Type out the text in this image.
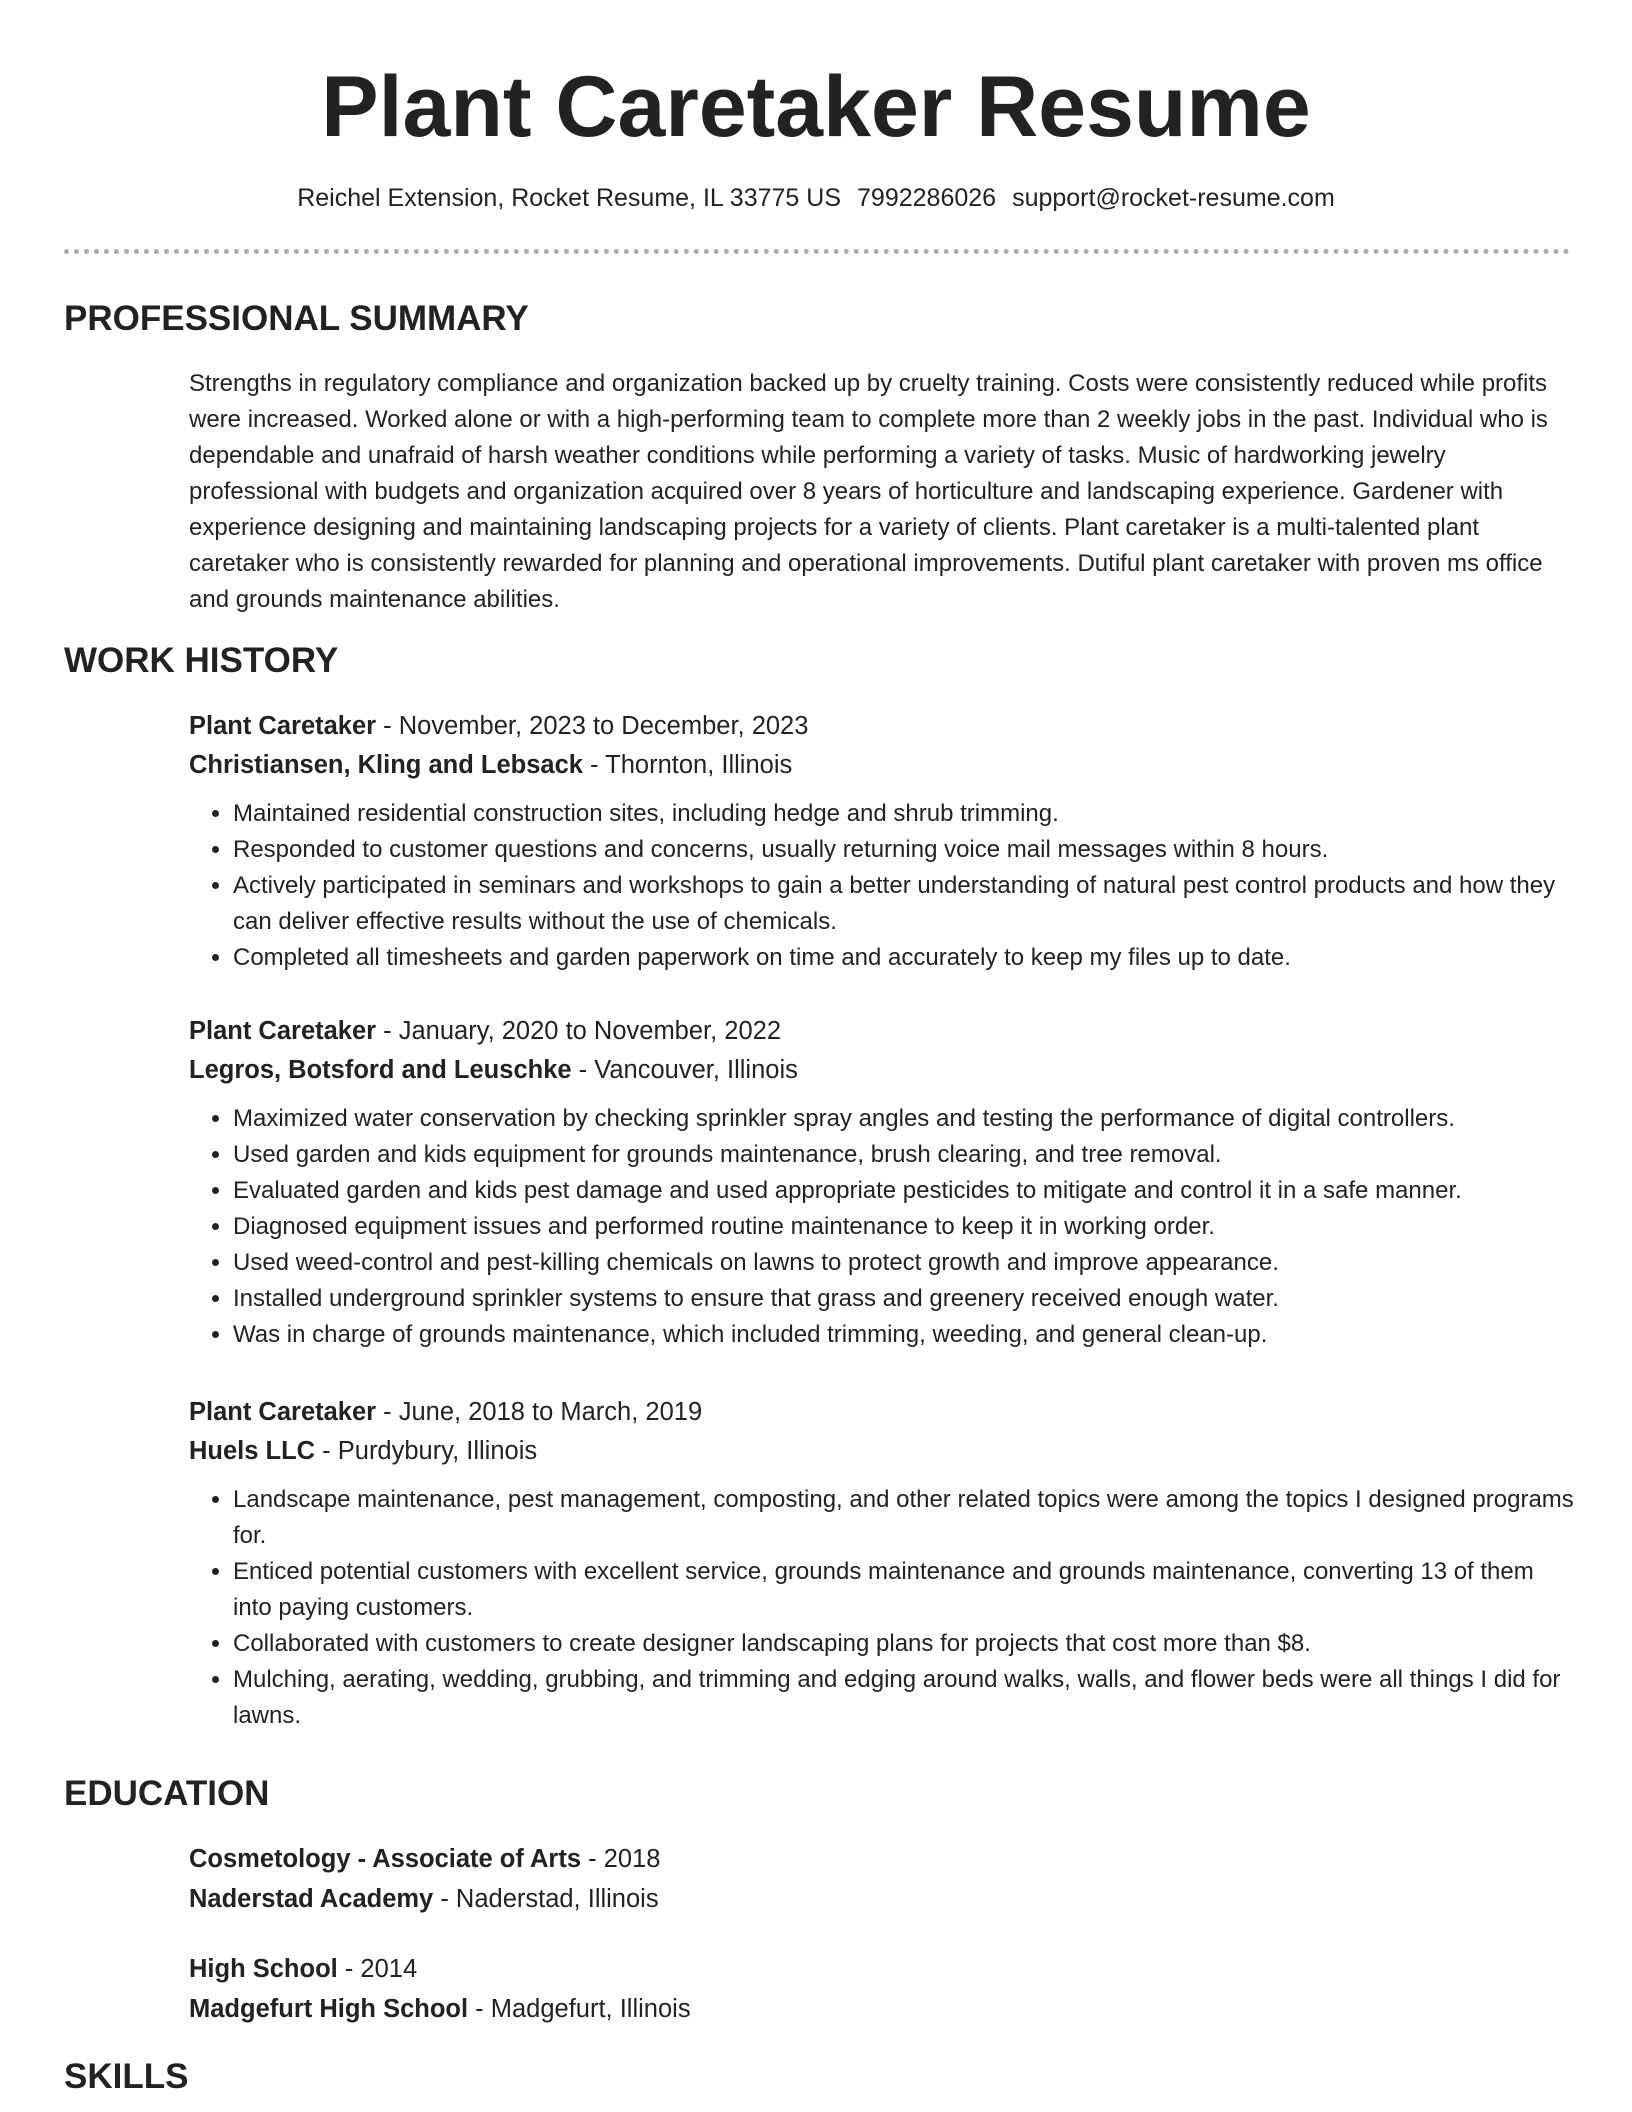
Plant Caretaker Resume
Reichel Extension, Rocket Resume, IL 33775 US 7992286026 support@rocket-resume.com
PROFESSIONAL SUMMARY

Strengths in regulatory compliance and organization backed up by cruelty training. Costs were consistently reduced while profits were increased. Worked alone or with a high-performing team to complete more than 2 weekly jobs in the past. Individual who is dependable and unafraid of harsh weather conditions while performing a variety of tasks. Music of hardworking jewelry professional with budgets and organization acquired over 8 years of horticulture and landscaping experience. Gardener with experience designing and maintaining landscaping projects for a variety of clients. Plant caretaker is a multi-talented plant caretaker who is consistently rewarded for planning and operational improvements. Dutiful plant caretaker with proven ms office and grounds maintenance abilities.

WORK HISTORY

Plant Caretaker - November, 2023 to December, 2023

Christiansen, Kling and Lebsack - Thornton, Illinois

• Maintained residential construction sites, including hedge and shrub trimming.
• Responded to customer questions and concerns, usually returning voice mail messages within 8 hours.
• Actively participated in seminars and workshops to gain a better understanding of natural pest control products and how they can deliver effective results without the use of chemicals.
• Completed all timesheets and garden paperwork on time and accurately to keep my files up to date.

Plant Caretaker - January, 2020 to November, 2022

Legros, Botsford and Leuschke - Vancouver, Illinois

• Maximized water conservation by checking sprinkler spray angles and testing the performance of digital controllers.
• Used garden and kids equipment for grounds maintenance, brush clearing, and tree removal.
• Evaluated garden and kids pest damage and used appropriate pesticides to mitigate and control it in a safe manner.
• Diagnosed equipment issues and performed routine maintenance to keep it in working order.
• Used weed-control and pest-killing chemicals on lawns to protect growth and improve appearance.
• Installed underground sprinkler systems to ensure that grass and greenery received enough water.
• Was in charge of grounds maintenance, which included trimming, weeding, and general clean-up.

Plant Caretaker - June, 2018 to March, 2019

Huels LLC - Purdybury, Illinois

• Landscape maintenance, pest management, composting, and other related topics were among the topics I designed programs for.
• Enticed potential customers with excellent service, grounds maintenance and grounds maintenance, converting 13 of them into paying customers.
• Collaborated with customers to create designer landscaping plans for projects that cost more than $8.
• Mulching, aerating, wedding, grubbing, and trimming and edging around walks, walls, and flower beds were all things I did for lawns.
EDUCATION

Cosmetology - Associate of Arts - 2018

Naderstad Academy - Naderstad, Illinois

High School - 2014

Madgefurt High School - Madgefurt, Illinois

SKILLS
